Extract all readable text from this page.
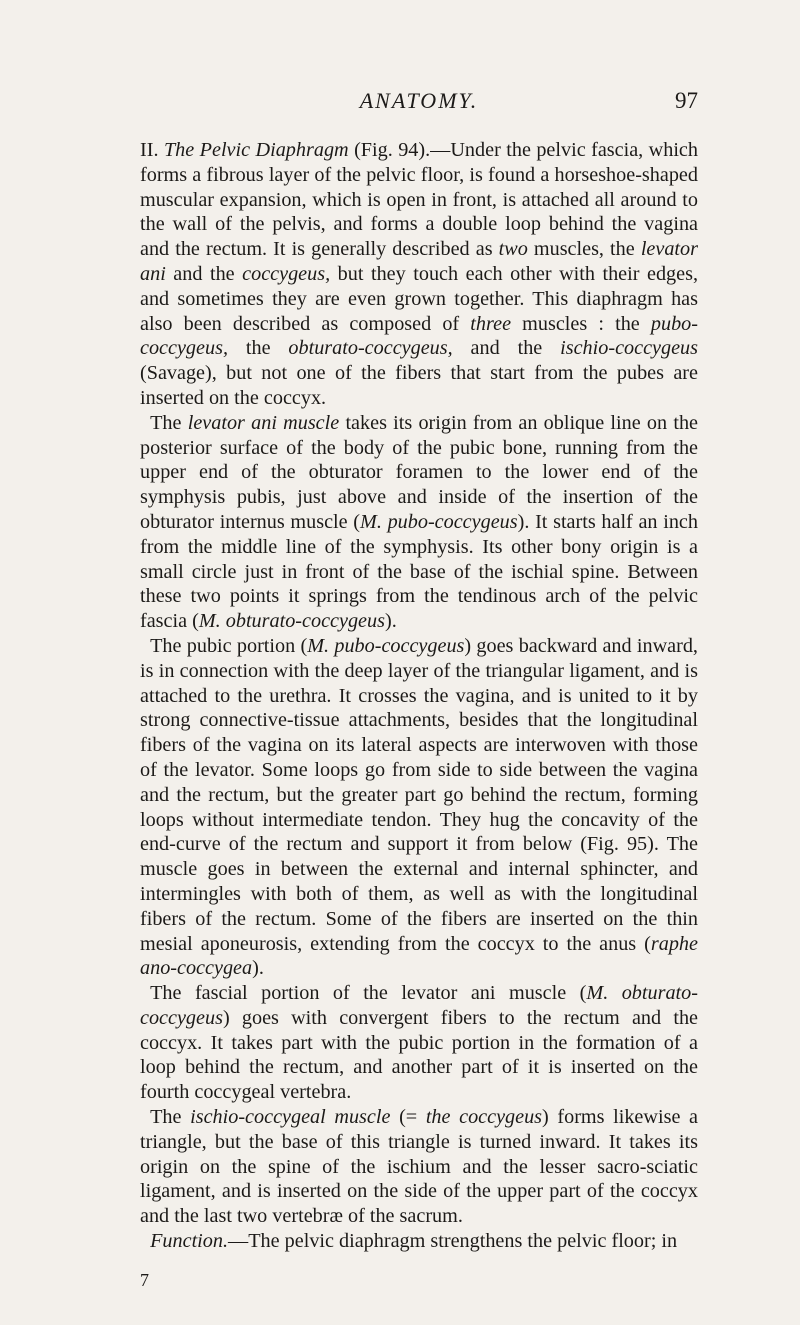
ANATOMY.	97

II. The Pelvic Diaphragm (Fig. 94).—Under the pelvic fascia, which forms a fibrous layer of the pelvic floor, is found a horseshoe-shaped muscular expansion, which is open in front, is attached all around to the wall of the pelvis, and forms a double loop behind the vagina and the rectum. It is generally described as two muscles, the levator ani and the coccygeus, but they touch each other with their edges, and sometimes they are even grown together. This diaphragm has also been described as composed of three muscles : the pubo-coccygeus, the obturato-coccygeus, and the ischio-coccygeus (Savage), but not one of the fibers that start from the pubes are inserted on the coccyx.

The levator ani muscle takes its origin from an oblique line on the posterior surface of the body of the pubic bone, running from the upper end of the obturator foramen to the lower end of the symphysis pubis, just above and inside of the insertion of the obturator internus muscle (M. pubo-coccygeus). It starts half an inch from the middle line of the symphysis. Its other bony origin is a small circle just in front of the base of the ischial spine. Between these two points it springs from the tendinous arch of the pelvic fascia (M. obturato-coccygeus).

The pubic portion (M. pubo-coccygeus) goes backward and inward, is in connection with the deep layer of the triangular ligament, and is attached to the urethra. It crosses the vagina, and is united to it by strong connective-tissue attachments, besides that the longitudinal fibers of the vagina on its lateral aspects are interwoven with those of the levator. Some loops go from side to side between the vagina and the rectum, but the greater part go behind the rectum, forming loops without intermediate tendon. They hug the concavity of the end-curve of the rectum and support it from below (Fig. 95). The muscle goes in between the external and internal sphincter, and intermingles with both of them, as well as with the longitudinal fibers of the rectum. Some of the fibers are inserted on the thin mesial aponeurosis, extending from the coccyx to the anus (raphe ano-coccygea).

The fascial portion of the levator ani muscle (M. obturato-coccygeus) goes with convergent fibers to the rectum and the coccyx. It takes part with the pubic portion in the formation of a loop behind the rectum, and another part of it is inserted on the fourth coccygeal vertebra.

The ischio-coccygeal muscle (= the coccygeus) forms likewise a triangle, but the base of this triangle is turned inward. It takes its origin on the spine of the ischium and the lesser sacro-sciatic ligament, and is inserted on the side of the upper part of the coccyx and the last two vertebræ of the sacrum.

Function.—The pelvic diaphragm strengthens the pelvic floor; in

7
